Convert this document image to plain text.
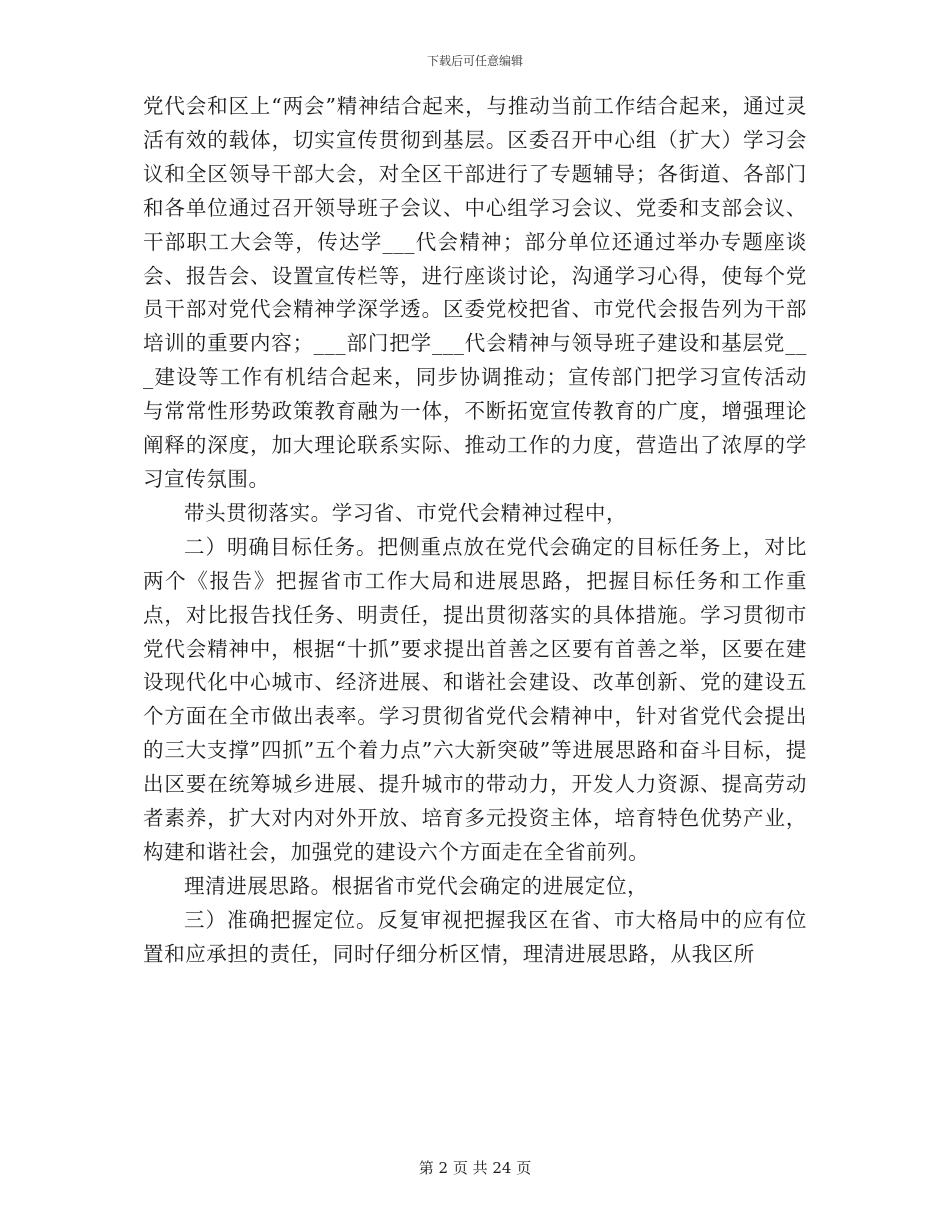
下载后可任意编辑

党代会和区上“两会”精神结合起来，与推动当前工作结合起来，通过灵活有效的载体，切实宣传贯彻到基层。区委召开中心组（扩大）学习会议和全区领导干部大会，对全区干部进行了专题辅导；各街道、各部门和各单位通过召开领导班子会议、中心组学习会议、党委和支部会议、干部职工大会等，传达学___代会精神；部分单位还通过举办专题座谈会、报告会、设置宣传栏等，进行座谈讨论，沟通学习心得，使每个党员干部对党代会精神学深学透。区委党校把省、市党代会报告列为干部培训的重要内容；___部门把学___代会精神与领导班子建设和基层党___建设等工作有机结合起来，同步协调推动；宣传部门把学习宣传活动与常常性形势政策教育融为一体，不断拓宽宣传教育的广度，增强理论阐释的深度，加大理论联系实际、推动工作的力度，营造出了浓厚的学习宣传氛围。

带头贯彻落实。学习省、市党代会精神过程中，

二）明确目标任务。把侧重点放在党代会确定的目标任务上，对比两个《报告》把握省市工作大局和进展思路，把握目标任务和工作重点，对比报告找任务、明责任，提出贯彻落实的具体措施。学习贯彻市党代会精神中，根据“十抓”要求提出首善之区要有首善之举，区要在建设现代化中心城市、经济进展、和谐社会建设、改革创新、党的建设五个方面在全市做出表率。学习贯彻省党代会精神中，针对省党代会提出的三大支撑”四抓”五个着力点”六大新突破”等进展思路和奋斗目标，提出区要在统筹城乡进展、提升城市的带动力，开发人力资源、提高劳动者素养，扩大对内对外开放、培育多元投资主体，培育特色优势产业，构建和谐社会，加强党的建设六个方面走在全省前列。

理清进展思路。根据省市党代会确定的进展定位，

三）准确把握定位。反复审视把握我区在省、市大格局中的应有位置和应承担的责任，同时仔细分析区情，理清进展思路，从我区所

第 2 页 共 24 页
